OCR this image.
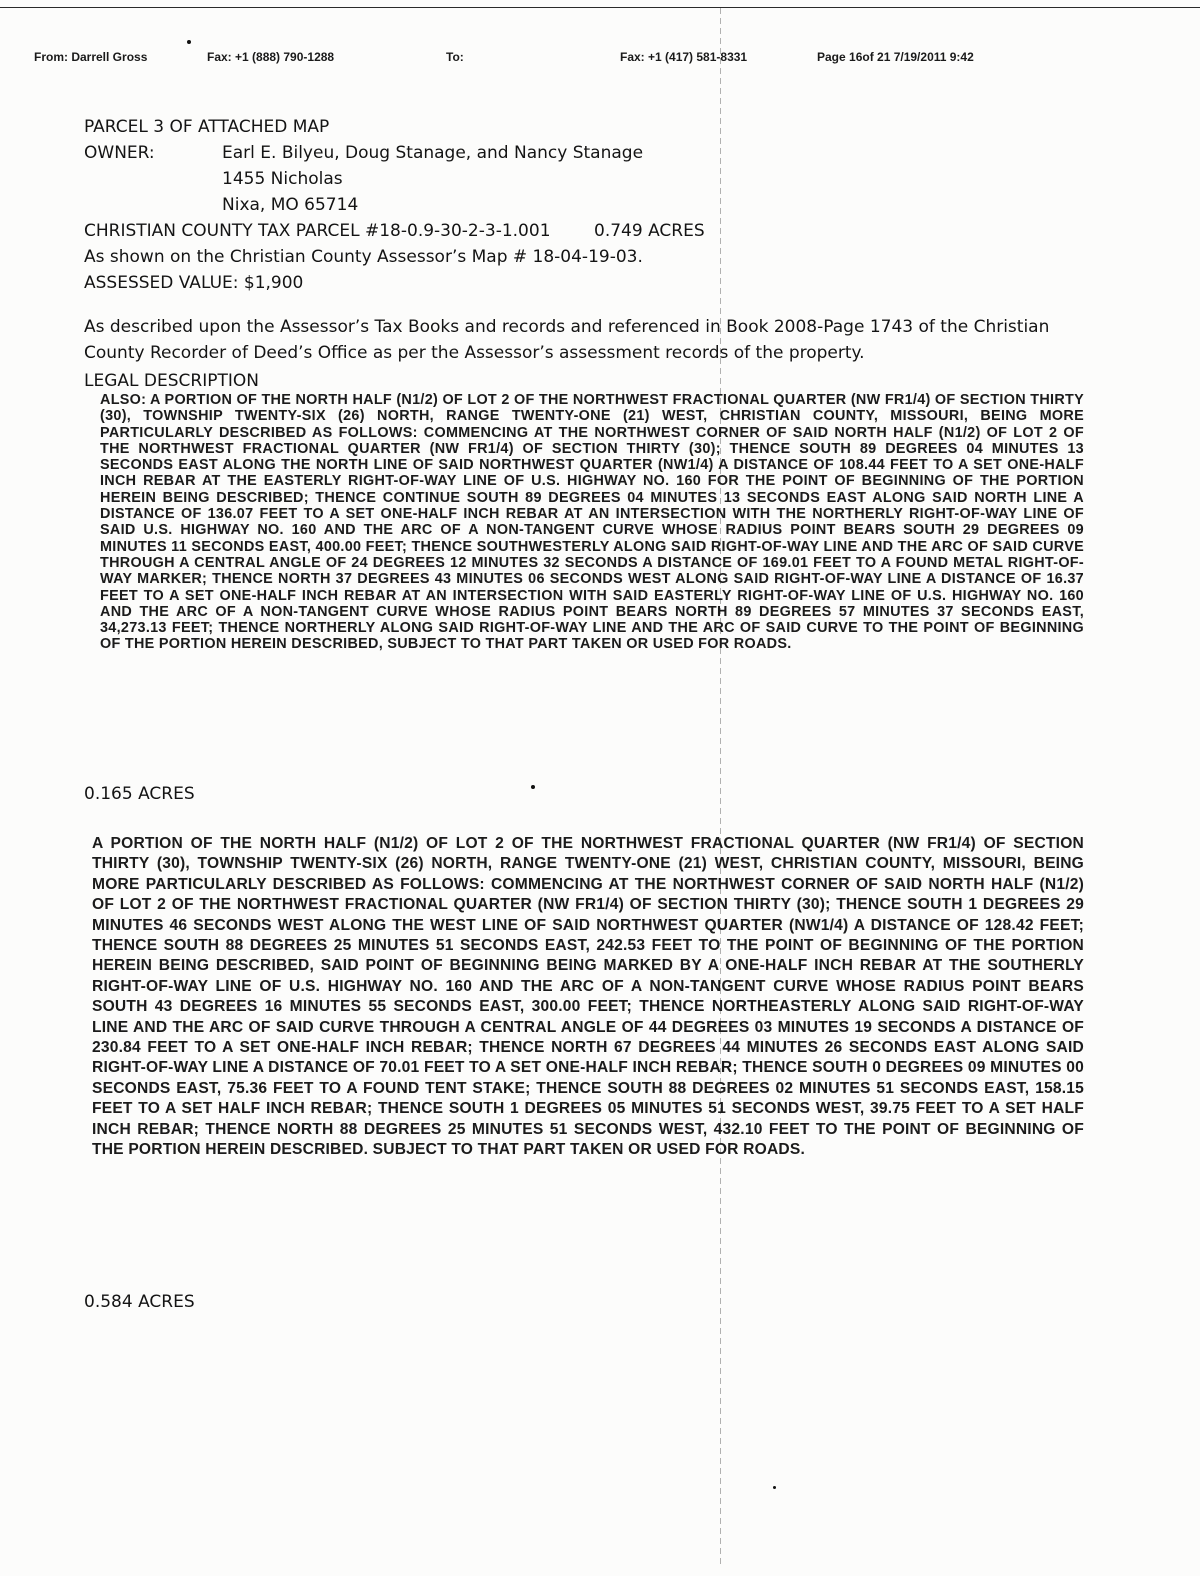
From: Darrell Gross	Fax: +1 (888) 790-1288	To:	Fax: +1 (417) 581-8331	Page 16of 21 7/19/2011 9:42
PARCEL 3 OF ATTACHED MAP
OWNER:	Earl E. Bilyeu, Doug Stanage, and Nancy Stanage
1455 Nicholas
Nixa, MO 65714
CHRISTIAN COUNTY TAX PARCEL #18-0.9-30-2-3-1.001	0.749 ACRES
As shown on the Christian County Assessor’s Map # 18-04-19-03.
ASSESSED VALUE: $1,900
As described upon the Assessor’s Tax Books and records and referenced in Book 2008-Page 1743 of the Christian County Recorder of Deed’s Office as per the Assessor’s assessment records of the property.
LEGAL DESCRIPTION
ALSO: A PORTION OF THE NORTH HALF (N1/2) OF LOT 2 OF THE NORTHWEST FRACTIONAL QUARTER (NW FR1/4) OF SECTION THIRTY (30), TOWNSHIP TWENTY-SIX (26) NORTH, RANGE TWENTY-ONE (21) WEST, CHRISTIAN COUNTY, MISSOURI, BEING MORE PARTICULARLY DESCRIBED AS FOLLOWS: COMMENCING AT THE NORTHWEST CORNER OF SAID NORTH HALF (N1/2) OF LOT 2 OF THE NORTHWEST FRACTIONAL QUARTER (NW FR1/4) OF SECTION THIRTY (30); THENCE SOUTH 89 DEGREES 04 MINUTES 13 SECONDS EAST ALONG THE NORTH LINE OF SAID NORTHWEST QUARTER (NW1/4) A DISTANCE OF 108.44 FEET TO A SET ONE-HALF INCH REBAR AT THE EASTERLY RIGHT-OF-WAY LINE OF U.S. HIGHWAY NO. 160 FOR THE POINT OF BEGINNING OF THE PORTION HEREIN BEING DESCRIBED; THENCE CONTINUE SOUTH 89 DEGREES 04 MINUTES 13 SECONDS EAST ALONG SAID NORTH LINE A DISTANCE OF 136.07 FEET TO A SET ONE-HALF INCH REBAR AT AN INTERSECTION WITH THE NORTHERLY RIGHT-OF-WAY LINE OF SAID U.S. HIGHWAY NO. 160 AND THE ARC OF A NON-TANGENT CURVE WHOSE RADIUS POINT BEARS SOUTH 29 DEGREES 09 MINUTES 11 SECONDS EAST, 400.00 FEET; THENCE SOUTHWESTERLY ALONG SAID RIGHT-OF-WAY LINE AND THE ARC OF SAID CURVE THROUGH A CENTRAL ANGLE OF 24 DEGREES 12 MINUTES 32 SECONDS A DISTANCE OF 169.01 FEET TO A FOUND METAL RIGHT-OF-WAY MARKER; THENCE NORTH 37 DEGREES 43 MINUTES 06 SECONDS WEST ALONG SAID RIGHT-OF-WAY LINE A DISTANCE OF 16.37 FEET TO A SET ONE-HALF INCH REBAR AT AN INTERSECTION WITH SAID EASTERLY RIGHT-OF-WAY LINE OF U.S. HIGHWAY NO. 160 AND THE ARC OF A NON-TANGENT CURVE WHOSE RADIUS POINT BEARS NORTH 89 DEGREES 57 MINUTES 37 SECONDS EAST, 34,273.13 FEET; THENCE NORTHERLY ALONG SAID RIGHT-OF-WAY LINE AND THE ARC OF SAID CURVE TO THE POINT OF BEGINNING OF THE PORTION HEREIN DESCRIBED, SUBJECT TO THAT PART TAKEN OR USED FOR ROADS.
0.165 ACRES
A PORTION OF THE NORTH HALF (N1/2) OF LOT 2 OF THE NORTHWEST FRACTIONAL QUARTER (NW FR1/4) OF SECTION THIRTY (30), TOWNSHIP TWENTY-SIX (26) NORTH, RANGE TWENTY-ONE (21) WEST, CHRISTIAN COUNTY, MISSOURI, BEING MORE PARTICULARLY DESCRIBED AS FOLLOWS: COMMENCING AT THE NORTHWEST CORNER OF SAID NORTH HALF (N1/2) OF LOT 2 OF THE NORTHWEST FRACTIONAL QUARTER (NW FR1/4) OF SECTION THIRTY (30); THENCE SOUTH 1 DEGREES 29 MINUTES 46 SECONDS WEST ALONG THE WEST LINE OF SAID NORTHWEST QUARTER (NW1/4) A DISTANCE OF 128.42 FEET; THENCE SOUTH 88 DEGREES 25 MINUTES 51 SECONDS EAST, 242.53 FEET TO THE POINT OF BEGINNING OF THE PORTION HEREIN BEING DESCRIBED, SAID POINT OF BEGINNING BEING MARKED BY A ONE-HALF INCH REBAR AT THE SOUTHERLY RIGHT-OF-WAY LINE OF U.S. HIGHWAY NO. 160 AND THE ARC OF A NON-TANGENT CURVE WHOSE RADIUS POINT BEARS SOUTH 43 DEGREES 16 MINUTES 55 SECONDS EAST, 300.00 FEET; THENCE NORTHEASTERLY ALONG SAID RIGHT-OF-WAY LINE AND THE ARC OF SAID CURVE THROUGH A CENTRAL ANGLE OF 44 DEGREES 03 MINUTES 19 SECONDS A DISTANCE OF 230.84 FEET TO A SET ONE-HALF INCH REBAR; THENCE NORTH 67 DEGREES 44 MINUTES 26 SECONDS EAST ALONG SAID RIGHT-OF-WAY LINE A DISTANCE OF 70.01 FEET TO A SET ONE-HALF INCH REBAR; THENCE SOUTH 0 DEGREES 09 MINUTES 00 SECONDS EAST, 75.36 FEET TO A FOUND TENT STAKE; THENCE SOUTH 88 DEGREES 02 MINUTES 51 SECONDS EAST, 158.15 FEET TO A SET HALF INCH REBAR; THENCE SOUTH 1 DEGREES 05 MINUTES 51 SECONDS WEST, 39.75 FEET TO A SET HALF INCH REBAR; THENCE NORTH 88 DEGREES 25 MINUTES 51 SECONDS WEST, 432.10 FEET TO THE POINT OF BEGINNING OF THE PORTION HEREIN DESCRIBED. SUBJECT TO THAT PART TAKEN OR USED FOR ROADS.
0.584 ACRES
